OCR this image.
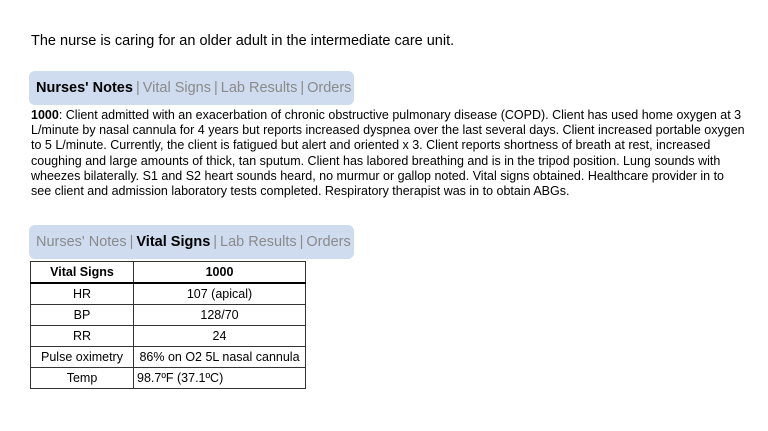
The nurse is caring for an older adult in the intermediate care unit.
Nurses' Notes | Vital Signs | Lab Results | Orders
1000: Client admitted with an exacerbation of chronic obstructive pulmonary disease (COPD). Client has used home oxygen at 3 L/minute by nasal cannula for 4 years but reports increased dyspnea over the last several days. Client increased portable oxygen to 5 L/minute. Currently, the client is fatigued but alert and oriented x 3. Client reports shortness of breath at rest, increased coughing and large amounts of thick, tan sputum. Client has labored breathing and is in the tripod position. Lung sounds with wheezes bilaterally. S1 and S2 heart sounds heard, no murmur or gallop noted. Vital signs obtained. Healthcare provider in to see client and admission laboratory tests completed. Respiratory therapist was in to obtain ABGs.
Nurses' Notes | Vital Signs | Lab Results | Orders
Vital Signs	1000
HR	107 (apical)
BP	128/70
RR	24
Pulse oximetry	86% on O2 5L nasal cannula
Temp	98.7ºF (37.1ºC)
